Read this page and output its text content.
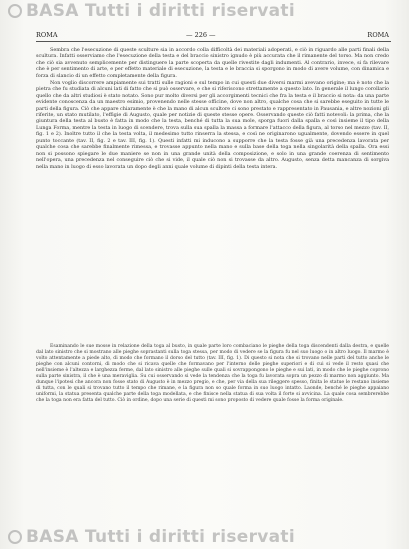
BASA Tutti i diritti riservati
ROMA	— 226 —	ROMA

Sembra che l'esecuzione di queste sculture sia in accordo colla difficoltà dei materiali adoperati, e ciò in riguardo alle parti finali della scultura. Infatti osserviamo che l'esecuzione della testa e del braccio sinistro ignudo è più accurata che il rimanente del torso. Ma non credo che ciò sia avvenuto semplicemente per distinguere la parte scoperta da quelle rivestite dagli indumenti. Al contrario, invece, si fa rilevare che è per sentimento di arte, e per effetto materiale di esecuzione, la testa e le braccia si sporgono in modo di avere volume, con dinamica e forza di slancio di un effetto completamente della figura.

Non voglio discorrere ampiamente sui tratti sulle ragioni e sul tempo in cui questi due diversi marmi avevano origine; ma è noto che la pietra che fu studiata di alcuni lati di fatto che si può osservare, e che si riferiscono strettamente a questo lato. In generale il lungo corollario quello che da altri studiosi è stato notato. Sono pur molto diversi per gli accorgimenti tecnici che fra la testa e il braccio si nota: da una parte evidente conoscenza da un maestro esimio, provenendo nelle stesse officine, dove non altro, qualche cosa che si sarebbe eseguito in tutte le parti della figura. Ciò che appare chiaramente è che la mano di alcun scultore ci sono prestato e rappresentato in Pausania, e altre nozioni gli riferite, un stato mutilato, l'effigie di Augusto, quale per notizie di queste stesse opere. Osservando queste ciò fatti notevoli: la prima, che la giuntura della testa al busto è fatta in modo che la testa, benché di tutta la sua mole, sporga fuori dalla spalla e così insieme il tipo della Lunga Forma, mentre la testa in luogo di scendere, trova sulla sua spalla la massa a formare l'attacco della figura, al torso nel mezzo (tav. II, fig. 1 e 2). Inoltre tutto il che la testa volta, il medesimo tutto rinserra la stessa, e così ne originarono ugualmente, dovendo essere in quel punto toccante (tav. II, fig. 2 e tav. III, fig. 1). Questi infatti mi inducono a supporre che la testa fosse già una precedenza lavorata per qualche cosa che sarebbe finalmente rimessa, e trovasse appunto nella mano e sulla base della toga nella singolarità della spalla. Ora essi non si possono spiegare le due maniere se non in una grande unità della composizione, e solo in una grande coerenza di sentimento nell'opera, una precedenza nel conseguire ciò che si vide, il quale ciò non si trovasse da altro. Augusto, senza detta mancanza di sorgiva nella mano in luogo di esso lavorata un dopo degli anni quale volume di dipinti della testa intera.

Esaminando le sue mosse in relazione della toga al busto, in quale parte loro combaciano le pieghe della toga discendenti dalla destra, e quelle dal lato sinistro che si mostrano alle pieghe soprastanti sulla toga stessa, per modo di vedere se la figura fu nel suo luogo o in altro luogo. Il marmo è volto attentamente a piede alto, di modo che formano il dorso del tutto (tav. III, fig. 1). Di questo si nota che si trovano nelle parti del tutto anche le pieghe con alcuni contorni, di modo che si ricava quelle che formavano per l'interno delle pieghe superiori e di cui si vede il resto quasi che nell'insieme è l'altezza e larghezza ferme, dal lato sinistro alle pieghe sulle quali si sovrappongono le pieghe e sui lati, in modo che le pieghe coprono sulla parte sinistra, il che è una meraviglia. Su cui osservando si vede la tendenza che la toga fu lavorata sopra un pezzo di marmo non aggiunto. Ma dunque l'ipotesi che ancora non fosse stato di Augusto è in mezzo pregio, e che, per via della sua rileggere spesso, finita le statue le restano insieme di tutta, con le quali si trovano tutto il tempo che rimane, e la figura non so quale forma in suo luogo intatto. Laonde, benché le pieghe appaiano uniformi, la statua presenta qualche parte della toga modellata, e che finisce nella statua di sua volta il forte si avvicina. La quale cosa sembrerebbe che la toga non era fatta del tutto. Ciò in ordine, dopo una serie di questi mi sono proposto di vedere quale fosse la forma originale.

BASA Tutti i diritti riservati
